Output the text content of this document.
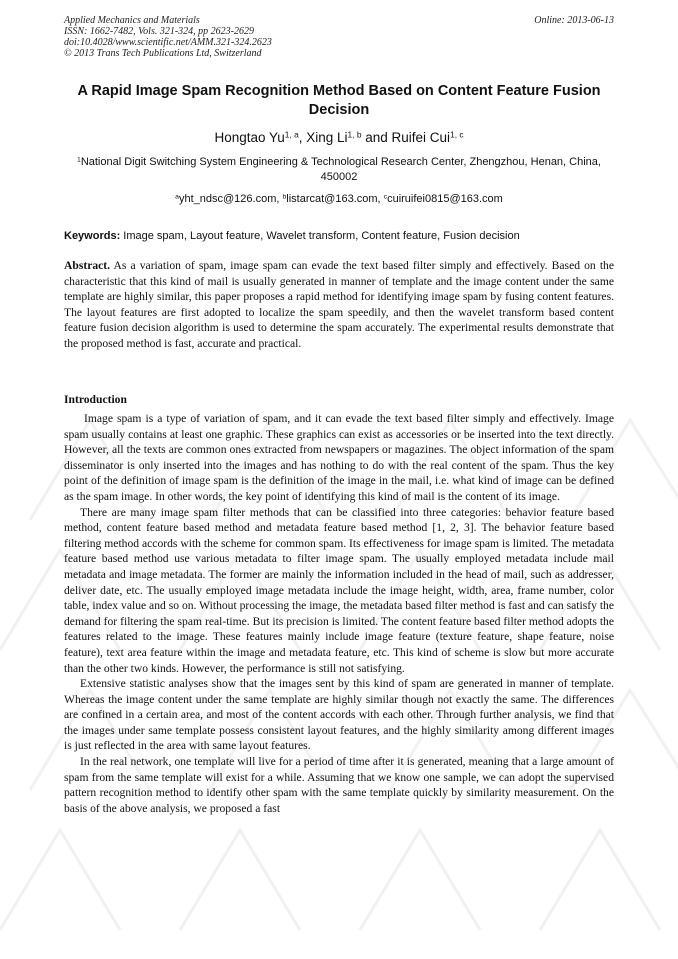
Applied Mechanics and Materials
ISSN: 1662-7482, Vols. 321-324, pp 2623-2629
doi:10.4028/www.scientific.net/AMM.321-324.2623
© 2013 Trans Tech Publications Ltd, Switzerland
Online: 2013-06-13
A Rapid Image Spam Recognition Method Based on Content Feature Fusion Decision
Hongtao Yu$^{1, a}$, Xing Li$^{1, b}$ and Ruifei Cui$^{1, c}$
$^1$National Digit Switching System Engineering & Technological Research Center, Zhengzhou, Henan, China, 450002
$^a$yht_ndsc@126.com, $^b$listarcat@163.com, $^c$cuiruifei0815@163.com
Keywords: Image spam, Layout feature, Wavelet transform, Content feature, Fusion decision
Abstract. As a variation of spam, image spam can evade the text based filter simply and effectively. Based on the characteristic that this kind of mail is usually generated in manner of template and the image content under the same template are highly similar, this paper proposes a rapid method for identifying image spam by fusing content features. The layout features are first adopted to localize the spam speedily, and then the wavelet transform based content feature fusion decision algorithm is used to determine the spam accurately. The experimental results demonstrate that the proposed method is fast, accurate and practical.
Introduction

Image spam is a type of variation of spam, and it can evade the text based filter simply and effectively. Image spam usually contains at least one graphic. These graphics can exist as accessories or be inserted into the text directly. However, all the texts are common ones extracted from newspapers or magazines. The object information of the spam disseminator is only inserted into the images and has nothing to do with the real content of the spam. Thus the key point of the definition of image spam is the definition of the image in the mail, i.e. what kind of image can be defined as the spam image. In other words, the key point of identifying this kind of mail is the content of its image.

There are many image spam filter methods that can be classified into three categories: behavior feature based method, content feature based method and metadata feature based method [1, 2, 3]. The behavior feature based filtering method accords with the scheme for common spam. Its effectiveness for image spam is limited. The metadata feature based method use various metadata to filter image spam. The usually employed metadata include mail metadata and image metadata. The former are mainly the information included in the head of mail, such as addresser, deliver date, etc. The usually employed image metadata include the image height, width, area, frame number, color table, index value and so on. Without processing the image, the metadata based filter method is fast and can satisfy the demand for filtering the spam real-time. But its precision is limited. The content feature based filter method adopts the features related to the image. These features mainly include image feature (texture feature, shape feature, noise feature), text area feature within the image and metadata feature, etc. This kind of scheme is slow but more accurate than the other two kinds. However, the performance is still not satisfying.

Extensive statistic analyses show that the images sent by this kind of spam are generated in manner of template. Whereas the image content under the same template are highly similar though not exactly the same. The differences are confined in a certain area, and most of the content accords with each other. Through further analysis, we find that the images under same template possess consistent layout features, and the highly similarity among different images is just reflected in the area with same layout features.

In the real network, one template will live for a period of time after it is generated, meaning that a large amount of spam from the same template will exist for a while. Assuming that we know one sample, we can adopt the supervised pattern recognition method to identify other spam with the same template quickly by similarity measurement. On the basis of the above analysis, we proposed a fast
